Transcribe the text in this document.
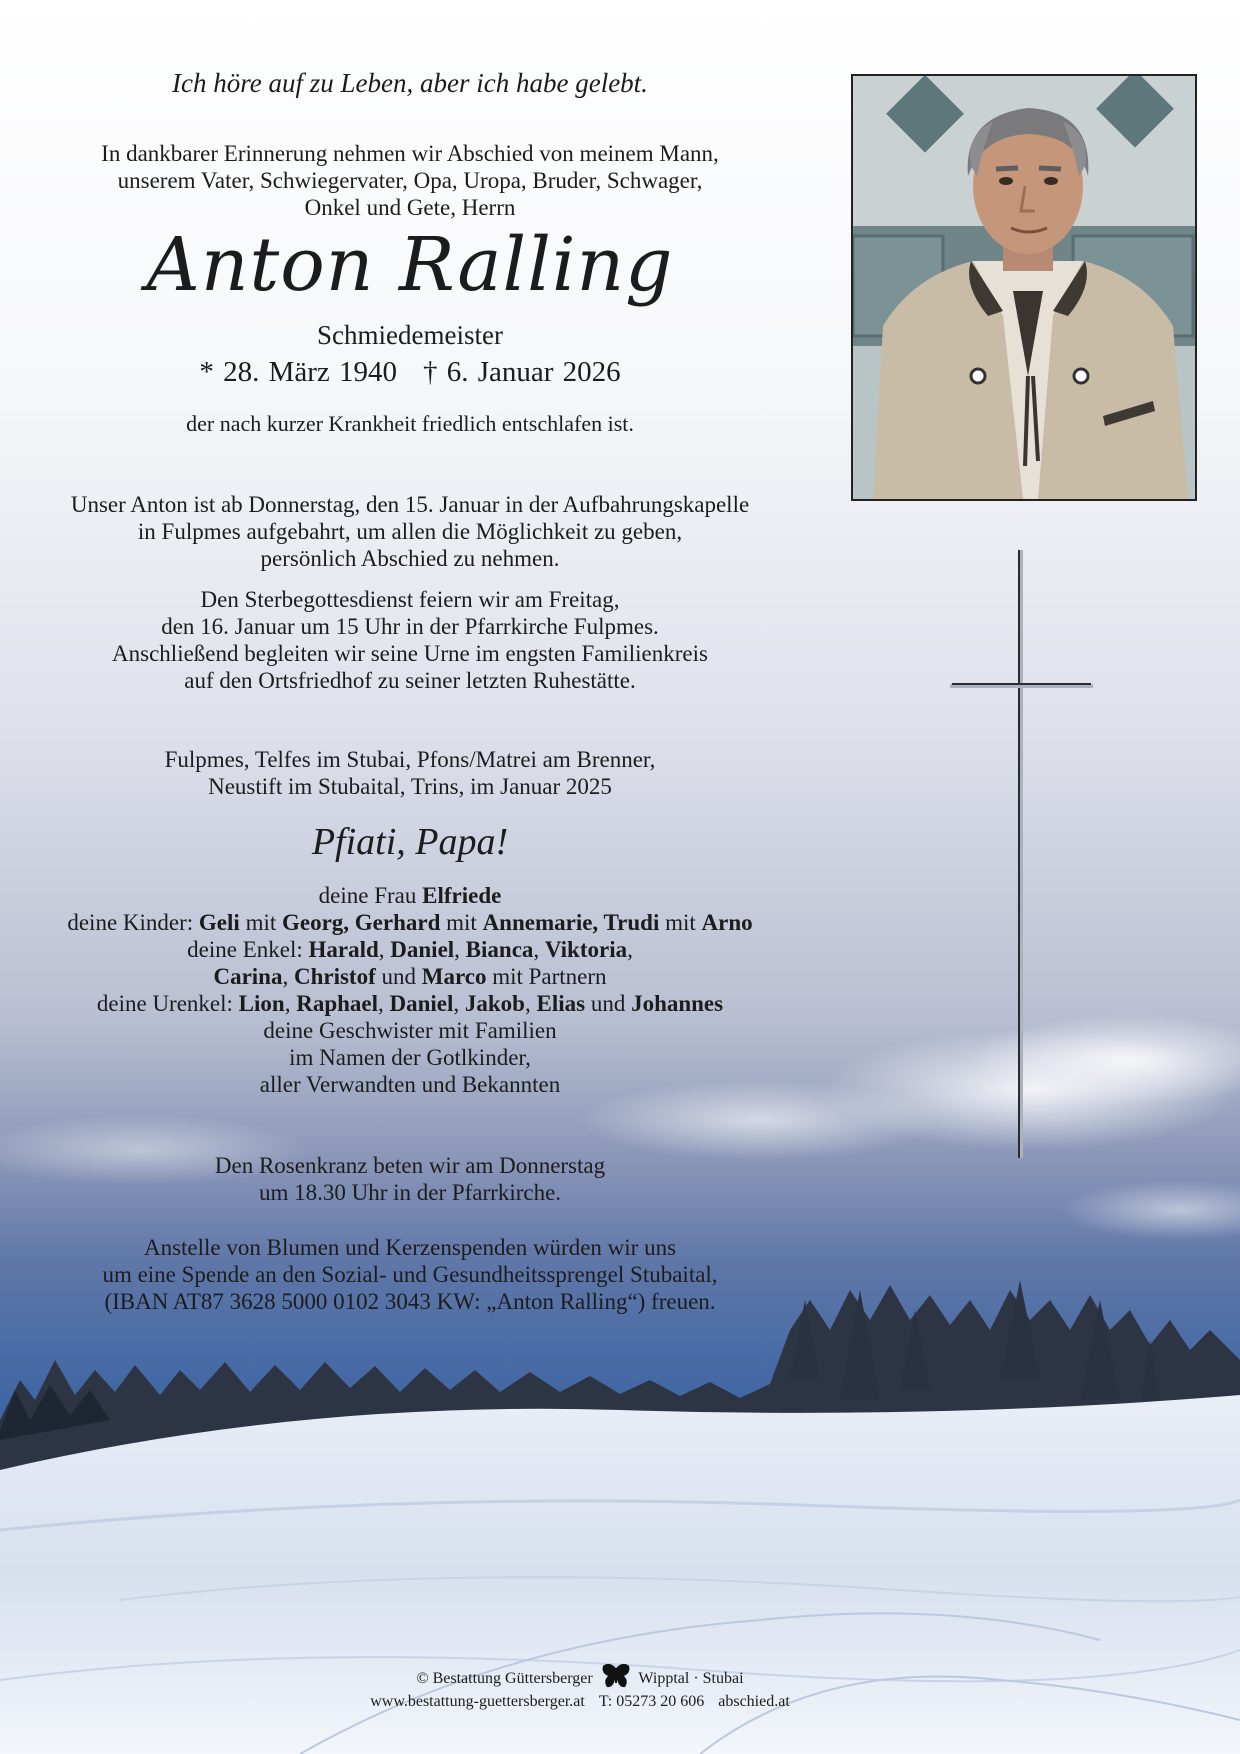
Ich höre auf zu Leben, aber ich habe gelebt.
In dankbarer Erinnerung nehmen wir Abschied von meinem Mann,
unserem Vater, Schwiegervater, Opa, Uropa, Bruder, Schwager,
Onkel und Gete, Herrn
Anton Ralling
Schmiedemeister
* 28. März 1940 † 6. Januar 2026
der nach kurzer Krankheit friedlich entschlafen ist.
Unser Anton ist ab Donnerstag, den 15. Januar in der Aufbahrungskapelle
in Fulpmes aufgebahrt, um allen die Möglichkeit zu geben,
persönlich Abschied zu nehmen.
Den Sterbegottesdienst feiern wir am Freitag,
den 16. Januar um 15 Uhr in der Pfarrkirche Fulpmes.
Anschließend begleiten wir seine Urne im engsten Familienkreis
auf den Ortsfriedhof zu seiner letzten Ruhestätte.
Fulpmes, Telfes im Stubai, Pfons/Matrei am Brenner,
Neustift im Stubaital, Trins, im Januar 2025
Pfiati, Papa!
deine Frau Elfriede
deine Kinder: Geli mit Georg, Gerhard mit Annemarie, Trudi mit Arno
deine Enkel: Harald, Daniel, Bianca, Viktoria,
Carina, Christof und Marco mit Partnern
deine Urenkel: Lion, Raphael, Daniel, Jakob, Elias und Johannes
deine Geschwister mit Familien
im Namen der Gotlkinder,
aller Verwandten und Bekannten
Den Rosenkranz beten wir am Donnerstag
um 18.30 Uhr in der Pfarrkirche.
Anstelle von Blumen und Kerzenspenden würden wir uns
um eine Spende an den Sozial- und Gesundheitssprengel Stubaital,
(IBAN AT87 3628 5000 0102 3043 KW: „Anton Ralling“) freuen.
© Bestattung Güttersberger	Wipptal · Stubai
www.bestattung-guettersberger.at T: 05273 20 606 abschied.at
